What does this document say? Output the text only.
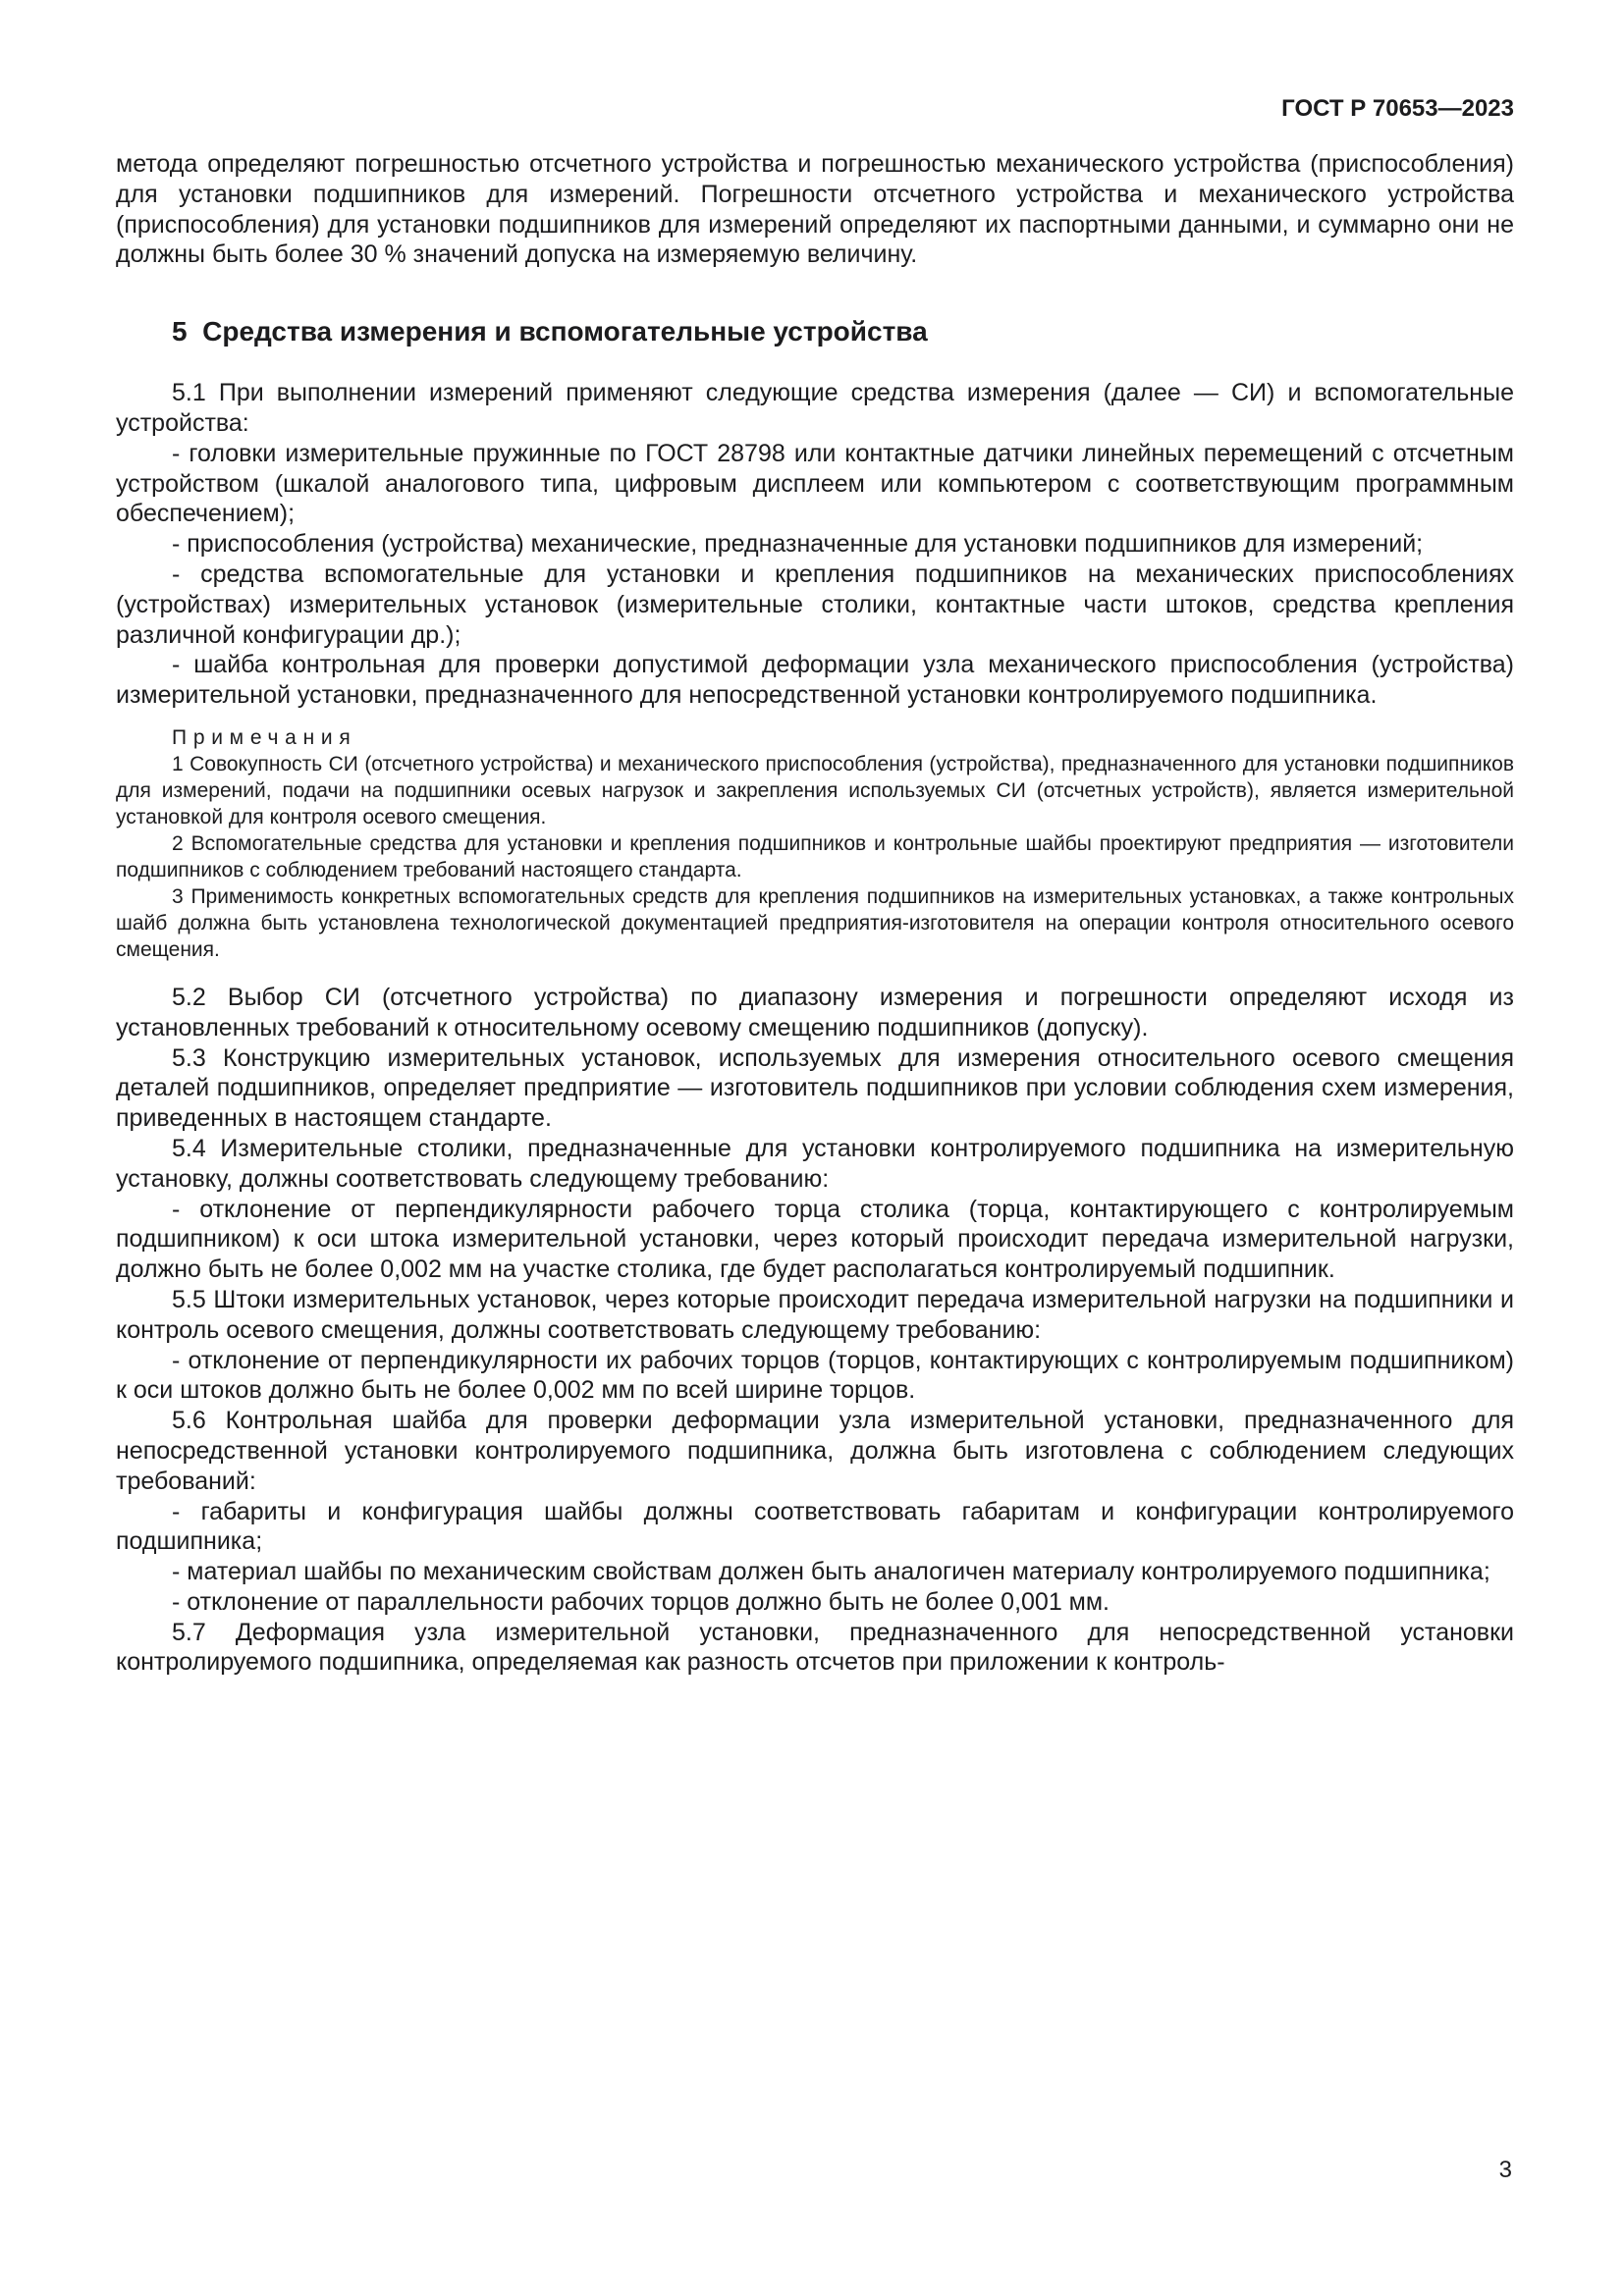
ГОСТ Р 70653—2023

метода определяют погрешностью отсчетного устройства и погрешностью механического устройства (приспособления) для установки подшипников для измерений. Погрешности отсчетного устройства и механического устройства (приспособления) для установки подшипников для измерений определяют их паспортными данными, и суммарно они не должны быть более 30 % значений допуска на измеряемую величину.

5  Средства измерения и вспомогательные устройства

5.1 При выполнении измерений применяют следующие средства измерения (далее — СИ) и вспомогательные устройства:

- головки измерительные пружинные по ГОСТ 28798 или контактные датчики линейных перемещений с отсчетным устройством (шкалой аналогового типа, цифровым дисплеем или компьютером с соответствующим программным обеспечением);

- приспособления (устройства) механические, предназначенные для установки подшипников для измерений;

- средства вспомогательные для установки и крепления подшипников на механических приспособлениях (устройствах) измерительных установок (измерительные столики, контактные части штоков, средства крепления различной конфигурации др.);

- шайба контрольная для проверки допустимой деформации узла механического приспособления (устройства) измерительной установки, предназначенного для непосредственной установки контролируемого подшипника.

Примечания

1 Совокупность СИ (отсчетного устройства) и механического приспособления (устройства), предназначенного для установки подшипников для измерений, подачи на подшипники осевых нагрузок и закрепления используемых СИ (отсчетных устройств), является измерительной установкой для контроля осевого смещения.

2 Вспомогательные средства для установки и крепления подшипников и контрольные шайбы проектируют предприятия — изготовители подшипников с соблюдением требований настоящего стандарта.

3 Применимость конкретных вспомогательных средств для крепления подшипников на измерительных установках, а также контрольных шайб должна быть установлена технологической документацией предприятия-изготовителя на операции контроля относительного осевого смещения.

5.2 Выбор СИ (отсчетного устройства) по диапазону измерения и погрешности определяют исходя из установленных требований к относительному осевому смещению подшипников (допуску).

5.3 Конструкцию измерительных установок, используемых для измерения относительного осевого смещения деталей подшипников, определяет предприятие — изготовитель подшипников при условии соблюдения схем измерения, приведенных в настоящем стандарте.

5.4 Измерительные столики, предназначенные для установки контролируемого подшипника на измерительную установку, должны соответствовать следующему требованию:

- отклонение от перпендикулярности рабочего торца столика (торца, контактирующего с контролируемым подшипником) к оси штока измерительной установки, через который происходит передача измерительной нагрузки, должно быть не более 0,002 мм на участке столика, где будет располагаться контролируемый подшипник.

5.5 Штоки измерительных установок, через которые происходит передача измерительной нагрузки на подшипники и контроль осевого смещения, должны соответствовать следующему требованию:

- отклонение от перпендикулярности их рабочих торцов (торцов, контактирующих с контролируемым подшипником) к оси штоков должно быть не более 0,002 мм по всей ширине торцов.

5.6 Контрольная шайба для проверки деформации узла измерительной установки, предназначенного для непосредственной установки контролируемого подшипника, должна быть изготовлена с соблюдением следующих требований:

- габариты и конфигурация шайбы должны соответствовать габаритам и конфигурации контролируемого подшипника;

- материал шайбы по механическим свойствам должен быть аналогичен материалу контролируемого подшипника;

- отклонение от параллельности рабочих торцов должно быть не более 0,001 мм.

5.7 Деформация узла измерительной установки, предназначенного для непосредственной установки контролируемого подшипника, определяемая как разность отсчетов при приложении к контроль-

3
